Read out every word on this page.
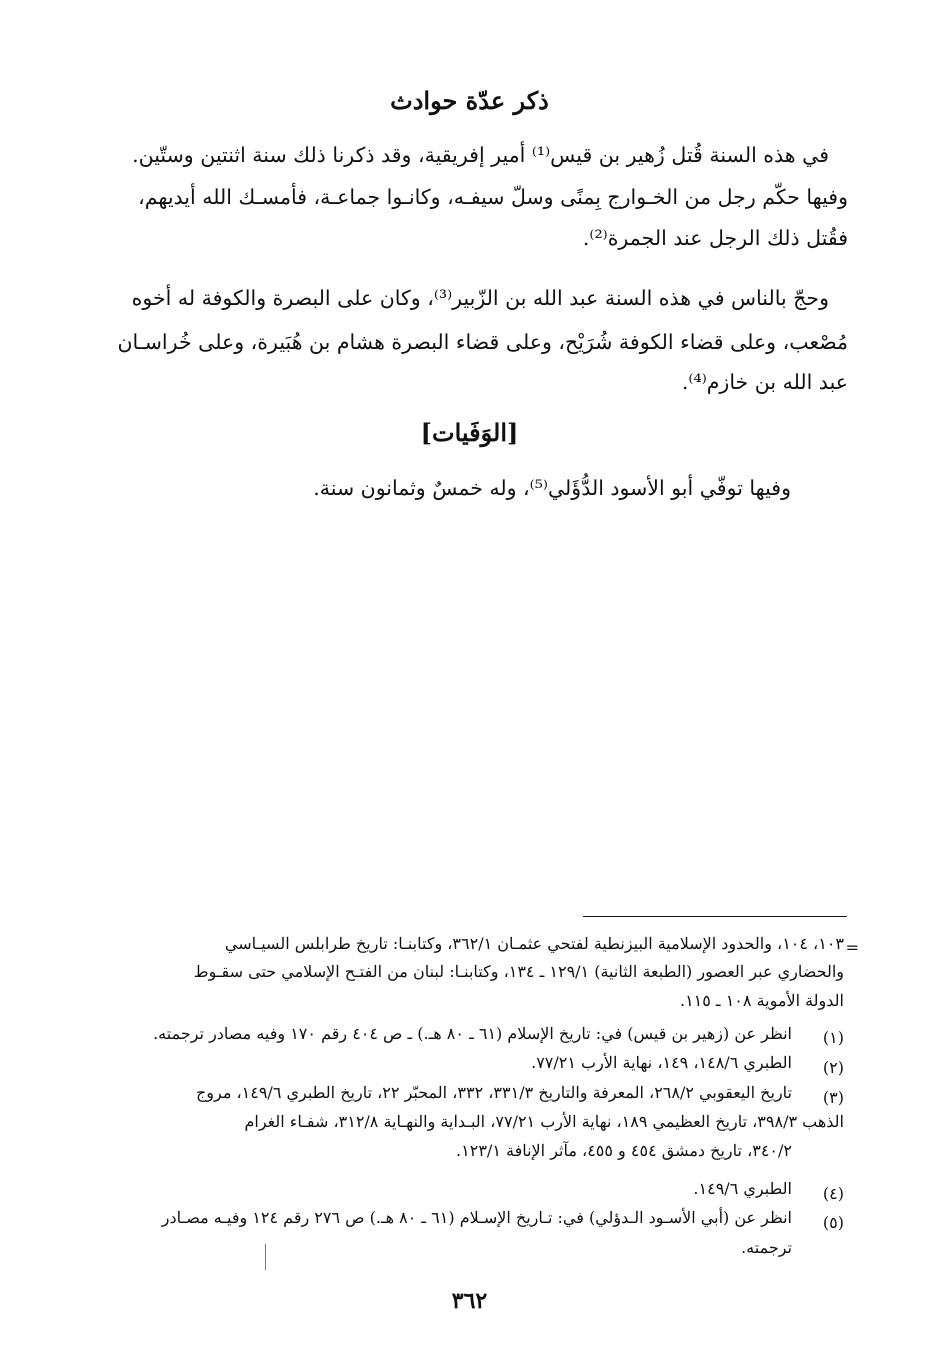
ذكر عدّة حوادث
في هذه السنة قُتل زُهير بن قيس⁽¹⁾ أمير إفريقية، وقد ذكرنا ذلك سنة اثنتين وستّين.
وفيها حكّم رجل من الخـوارج بِمنًى وسلّ سيفـه، وكانـوا جماعـة، فأمسـك الله أيديهم،
فقُتل ذلك الرجل عند الجمرة⁽²⁾.
وحجّ بالناس في هذه السنة عبد الله بن الزّبير⁽³⁾، وكان على البصرة والكوفة له أخوه
مُصْعب، وعلى قضاء الكوفة شُرَيْح، وعلى قضاء البصرة هشام بن هُبَيرة، وعلى خُراسـان
عبد الله بن خازم⁽⁴⁾.
[الوَفَيات]
وفيها توفّي أبو الأسود الدُّؤَلي⁽⁵⁾، وله خمسٌ وثمانون سنة.
=
١٠٣، ١٠٤، والحدود الإسلامية البيزنطية لفتحي عثمـان ٣٦٢/١، وكتابنـا: تاريخ طرابلس السيـاسي
والحضاري عبر العصور (الطبعة الثانية) ١٢٩/١ ـ ١٣٤، وكتابنـا: لبنان من الفتـح الإسلامي حتى سقـوط
الدولة الأموية ١٠٨ ـ ١١٥.
(١)
انظر عن (زهير بن قيس) في: تاريخ الإسلام (٦١ ـ ٨٠ هـ.) ـ ص ٤٠٤ رقم ١٧٠ وفيه مصادر ترجمته.
(٢)
الطبري ١٤٨/٦، ١٤٩، نهاية الأرب ٧٧/٢١.
(٣)
تاريخ اليعقوبي ٢٦٨/٢، المعرفة والتاريخ ٣٣١/٣، ٣٣٢، المحبّر ٢٢، تاريخ الطبري ١٤٩/٦، مروج
الذهب ٣٩٨/٣، تاريخ العظيمي ١٨٩، نهاية الأرب ٧٧/٢١، البـداية والنهـاية ٣١٢/٨، شفـاء الغرام
٣٤٠/٢، تاريخ دمشق ٤٥٤ و ٤٥٥، مآثر الإنافة ١٢٣/١.
(٤)
الطبري ١٤٩/٦.
(٥)
انظر عن (أبي الأسـود الـدؤلي) في: تـاريخ الإسـلام (٦١ ـ ٨٠ هـ.) ص ٢٧٦ رقم ١٢٤ وفيـه مصـادر
ترجمته.
٣٦٢
